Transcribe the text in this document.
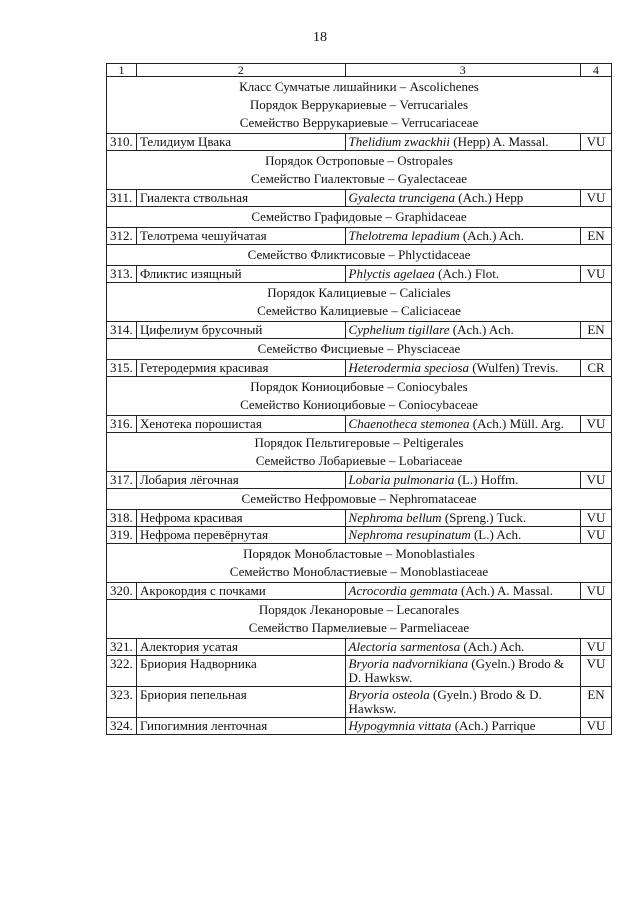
18
1	2	3	4

Класс Сумчатые лишайники – Ascolichenes
Порядок Веррукариевые – Verrucariales
Семейство Веррукариевые – Verrucariaceae			

310.	Телидиум Цвака	Thelidium zwackhii (Hepp) A. Massal.	VU

Порядок Остроповые – Ostropales
Семейство Гиалектовые – Gyalectaceae			

311.	Гиалекта ствольная	Gyalecta truncigena (Ach.) Hepp	VU

Семейство Графидовые – Graphidaceae			

312.	Телотрема чешуйчатая	Thelotrema lepadium (Ach.) Ach.	EN

Семейство Фликтисовые – Phlyctidaceae			

313.	Фликтис изящный	Phlyctis agelaea (Ach.) Flot.	VU

Порядок Калициевые – Caliciales
Семейство Калициевые – Caliciaceae			

314.	Цифелиум брусочный	Cyphelium tigillare (Ach.) Ach.	EN

Семейство Фисциевые – Physciaceae			

315.	Гетеродермия красивая	Heterodermia speciosa (Wulfen) Trevis.	CR

Порядок Кониоцибовые – Coniocybales
Семейство Кониоцибовые – Coniocybaceae			

316.	Хенотека порошистая	Chaenotheca stemonea (Ach.) Müll. Arg.	VU

Порядок Пельтигеровые – Peltigerales
Семейство Лобариевые – Lobariaceae			

317.	Лобария лёгочная	Lobaria pulmonaria (L.) Hoffm.	VU

Семейство Нефромовые – Nephromataceae			

318.	Нефрома красивая	Nephroma bellum (Spreng.) Tuck.	VU
319.	Нефрома перевёрнутая	Nephroma resupinatum (L.) Ach.	VU

Порядок Монобластовые – Monoblastiales
Семейство Монобластиевые – Monoblastiaceae			

320.	Акрокордия с почками	Acrocordia gemmata (Ach.) A. Massal.	VU

Порядок Леканоровые – Lecanorales
Семейство Пармелиевые – Parmeliaceae			

321.	Алектория усатая	Alectoria sarmentosa (Ach.) Ach.	VU
322.	Бриория Надворника	Bryoria nadvornikiana (Gyeln.) Brodo & D. Hawksw.	VU
323.	Бриория пепельная	Bryoria osteola (Gyeln.) Brodo & D. Hawksw.	EN
324.	Гипогимния ленточная	Hypogymnia vittata (Ach.) Parrique	VU
